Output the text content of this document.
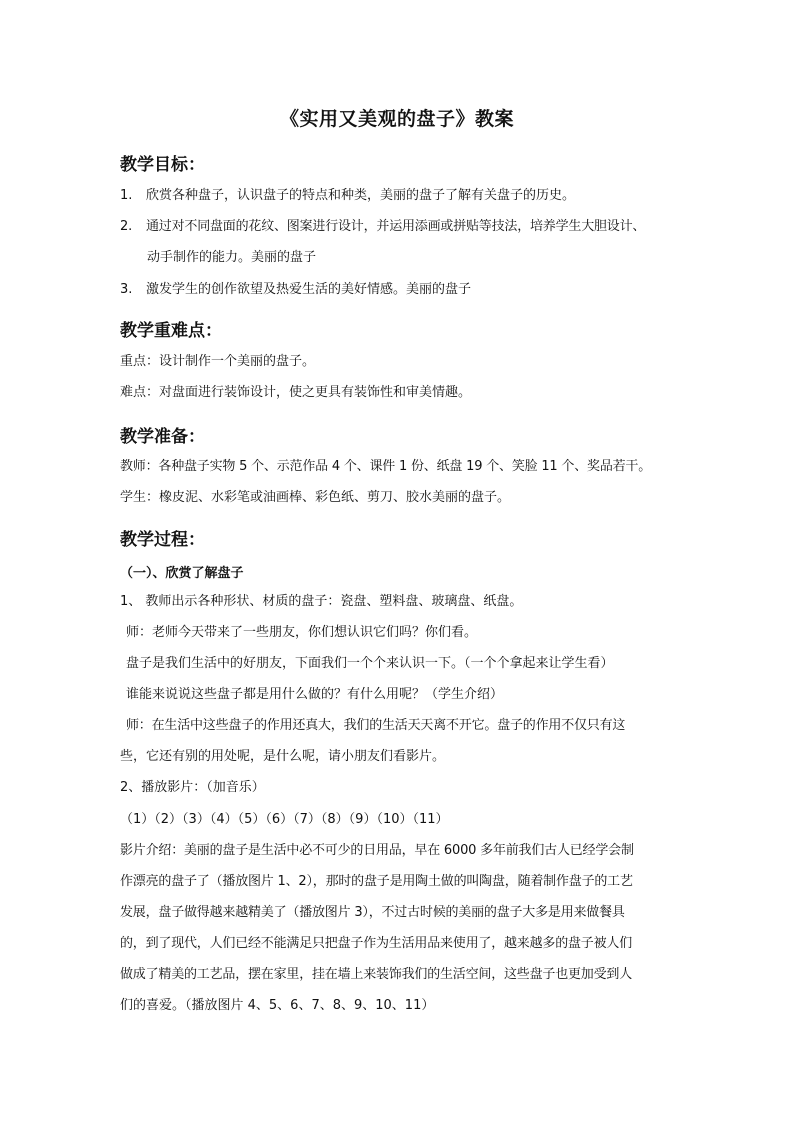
《实用又美观的盘子》教案
教学目标：
1. 欣赏各种盘子，认识盘子的特点和种类，美丽的盘子了解有关盘子的历史。
2. 通过对不同盘面的花纹、图案进行设计，并运用添画或拼贴等技法，培养学生大胆设计、
动手制作的能力。美丽的盘子
3. 激发学生的创作欲望及热爱生活的美好情感。美丽的盘子
教学重难点：
重点：设计制作一个美丽的盘子。
难点：对盘面进行装饰设计，使之更具有装饰性和审美情趣。
教学准备：
教师：各种盘子实物 5 个、示范作品 4 个、课件 1 份、纸盘 19 个、笑脸 11 个、奖品若干。
学生：橡皮泥、水彩笔或油画棒、彩色纸、剪刀、胶水美丽的盘子。
教学过程：
（一）、欣赏了解盘子
1、 教师出示各种形状、材质的盘子：瓷盘、塑料盘、玻璃盘、纸盘。
师：老师今天带来了一些朋友，你们想认识它们吗？你们看。
盘子是我们生活中的好朋友，下面我们一个个来认识一下。（一个个拿起来让学生看）
谁能来说说这些盘子都是用什么做的？有什么用呢？（学生介绍）
师：在生活中这些盘子的作用还真大，我们的生活天天离不开它。盘子的作用不仅只有这
些，它还有别的用处呢，是什么呢，请小朋友们看影片。
2、播放影片：（加音乐）
（1）（2）（3）（4）（5）（6）（7）（8）（9）（10）（11）
影片介绍：美丽的盘子是生活中必不可少的日用品，早在 6000 多年前我们古人已经学会制
作漂亮的盘子了（播放图片 1、2），那时的盘子是用陶土做的叫陶盘，随着制作盘子的工艺
发展，盘子做得越来越精美了（播放图片 3），不过古时候的美丽的盘子大多是用来做餐具
的，到了现代，人们已经不能满足只把盘子作为生活用品来使用了，越来越多的盘子被人们
做成了精美的工艺品，摆在家里，挂在墙上来装饰我们的生活空间，这些盘子也更加受到人
们的喜爱。（播放图片 4、5、6、7、8、9、10、11）
